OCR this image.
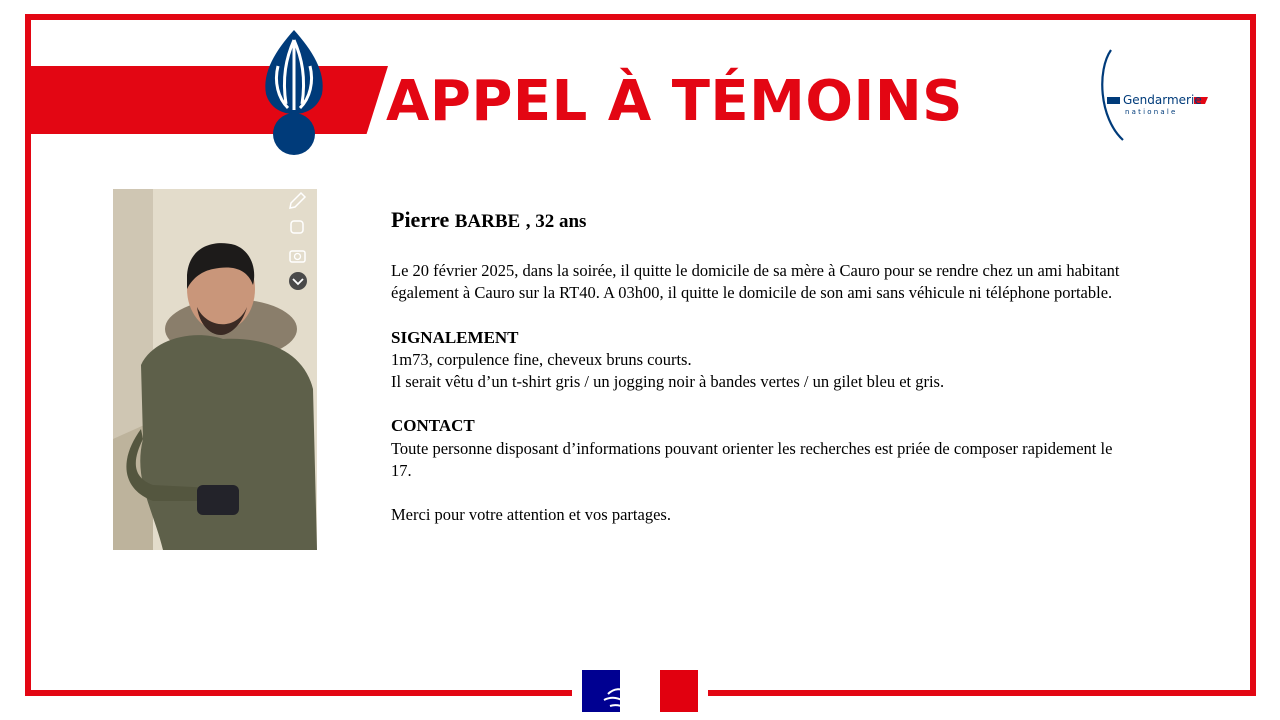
APPEL À TÉMOINS	Gendarmerie
nationale
Pierre BARBE , 32 ans

Le 20 février 2025, dans la soirée, il quitte le domicile de sa mère à Cauro pour se rendre chez un ami habitant également à Cauro sur la RT40. A 03h00, il quitte le domicile de son ami sans véhicule ni téléphone portable.

SIGNALEMENT

1m73, corpulence fine, cheveux bruns courts.

Il serait vêtu d’un t-shirt gris / un jogging noir à bandes vertes / un gilet bleu et gris.

CONTACT

Toute personne disposant d’informations pouvant orienter les recherches est priée de composer rapidement le 17.

Merci pour votre attention et vos partages.
